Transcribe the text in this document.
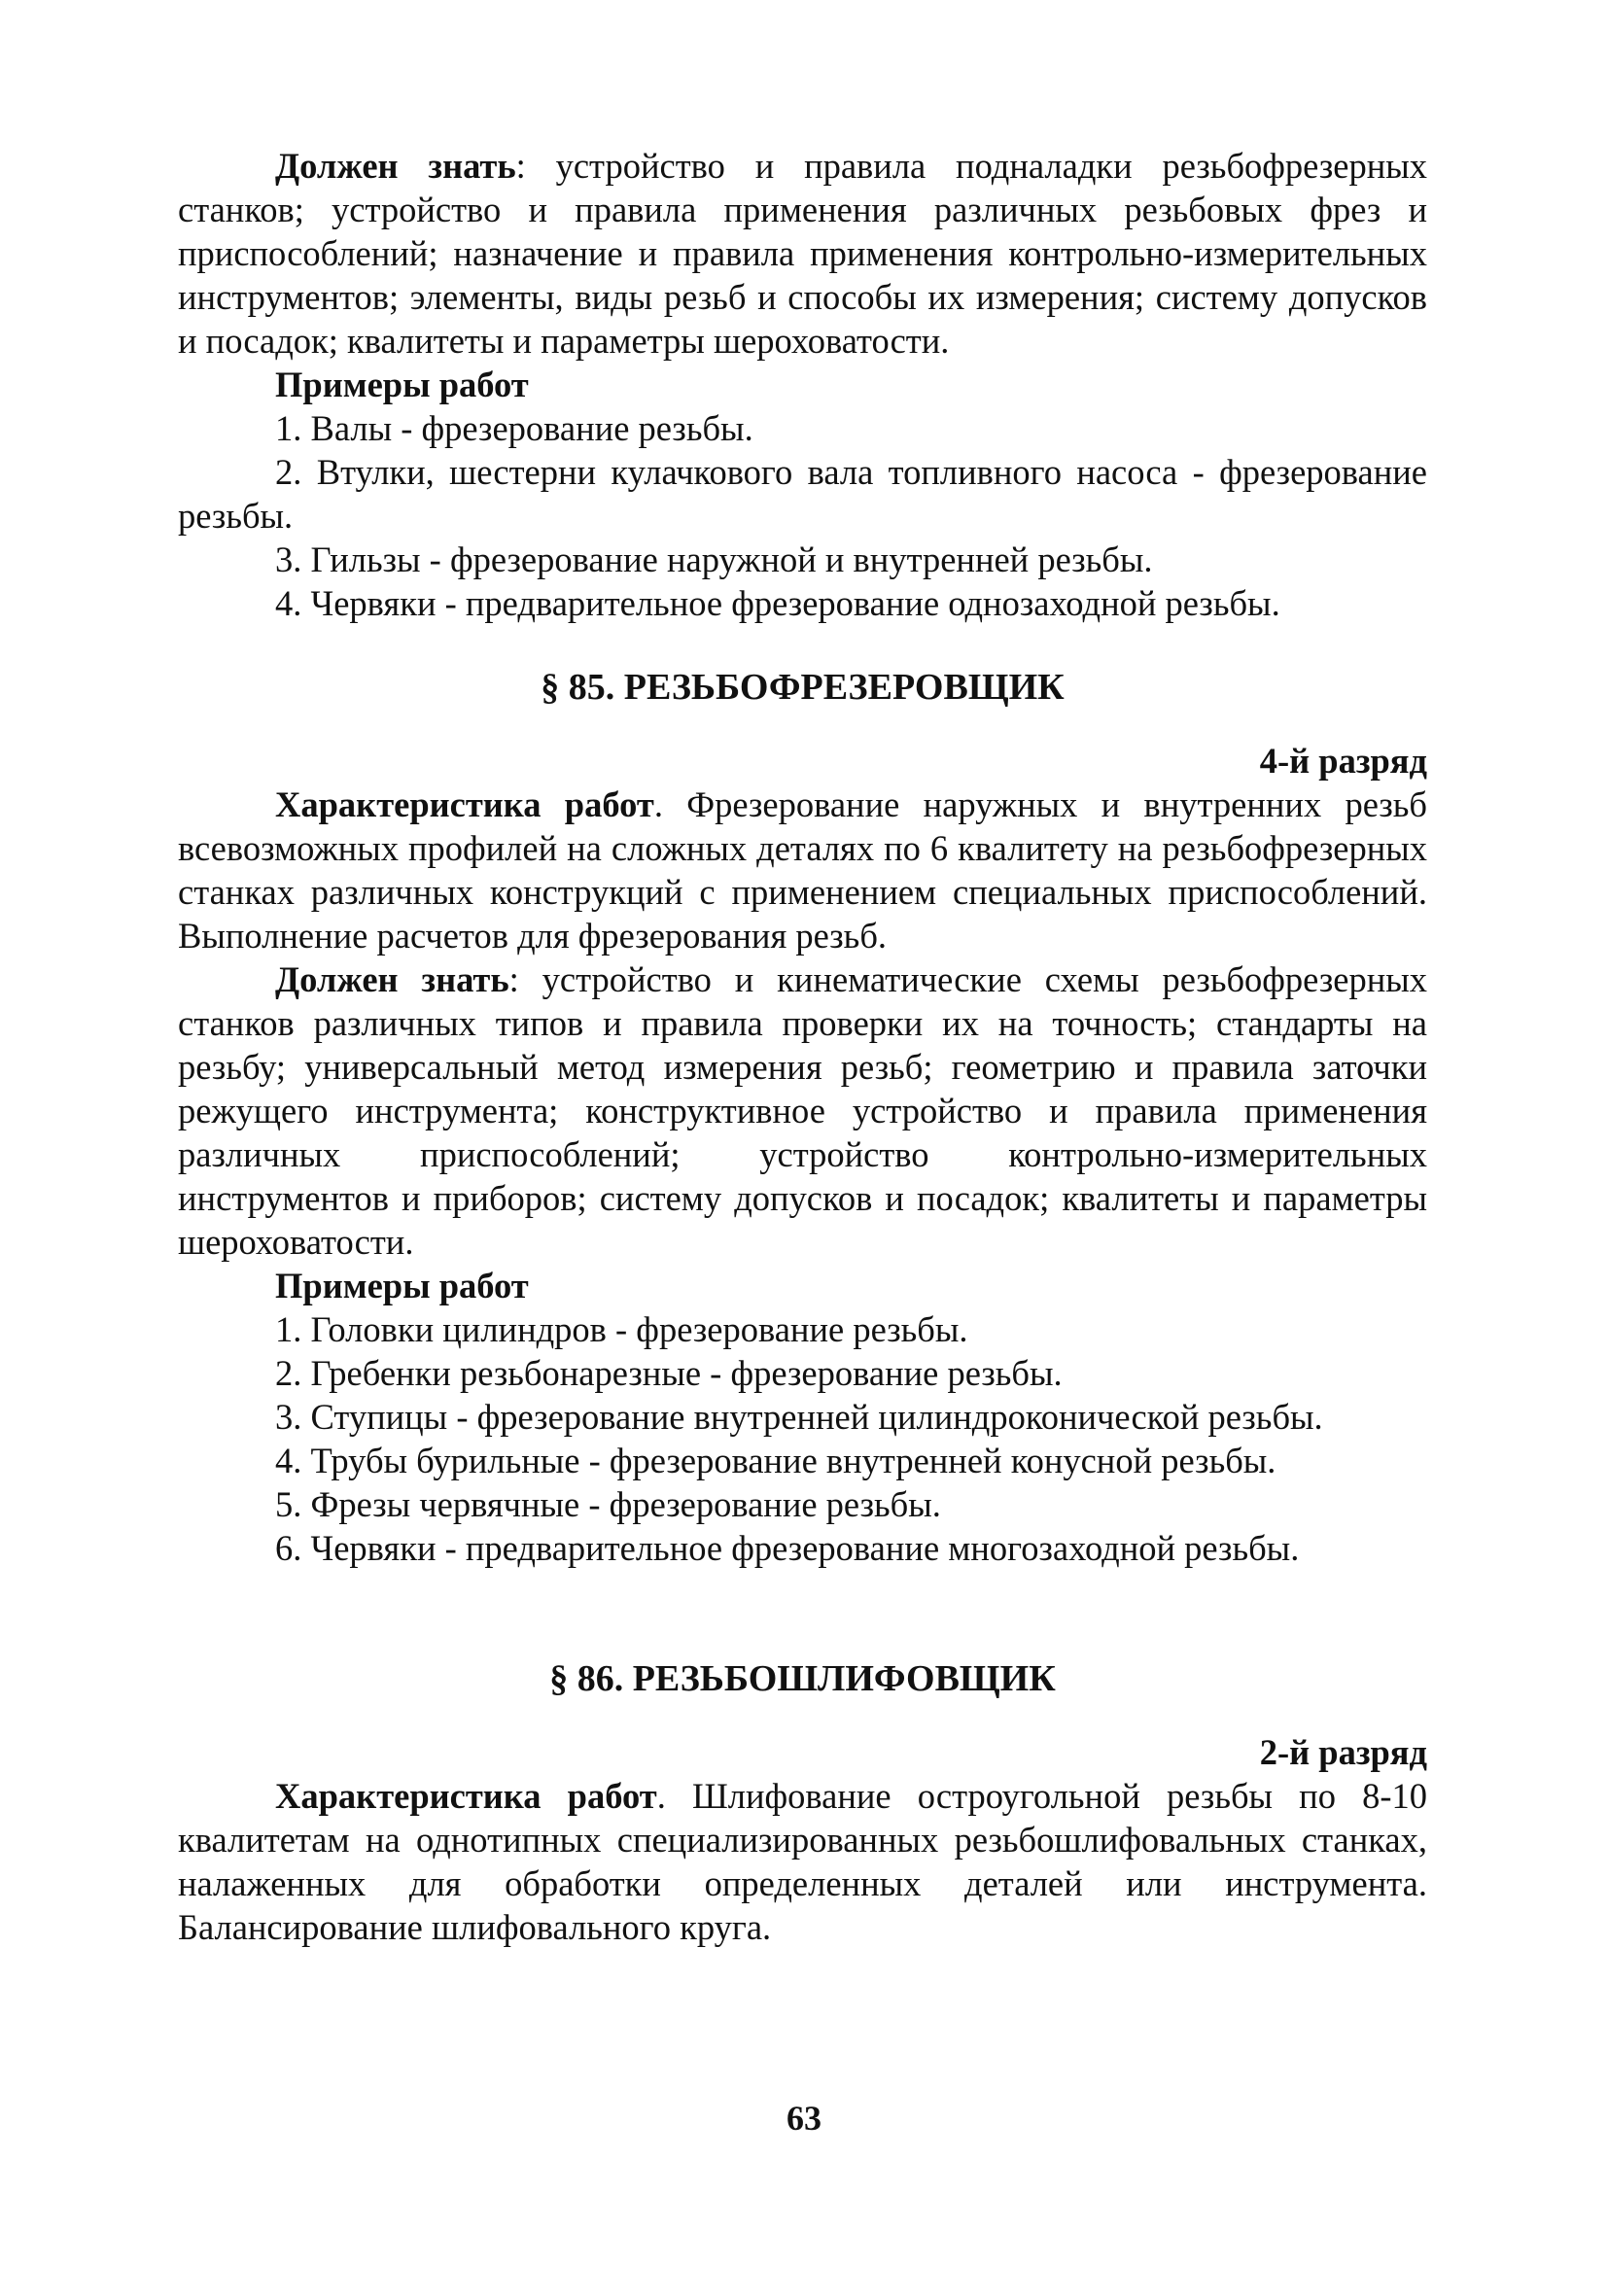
Должен знать: устройство и правила подналадки резьбофрезерных станков; устройство и правила применения различных резьбовых фрез и приспособлений; назначение и правила применения контрольно-измерительных инструментов; элементы, виды резьб и способы их измерения; систему допусков и посадок; квалитеты и параметры шероховатости.

Примеры работ

1. Валы - фрезерование резьбы.

2. Втулки, шестерни кулачкового вала топливного насоса - фрезерование резьбы.

3. Гильзы - фрезерование наружной и внутренней резьбы.

4. Червяки - предварительное фрезерование однозаходной резьбы.

§ 85. РЕЗЬБОФРЕЗЕРОВЩИК

4-й разряд

Характеристика работ. Фрезерование наружных и внутренних резьб всевозможных профилей на сложных деталях по 6 квалитету на резьбофрезерных станках различных конструкций с применением специальных приспособлений. Выполнение расчетов для фрезерования резьб.

Должен знать: устройство и кинематические схемы резьбофрезерных станков различных типов и правила проверки их на точность; стандарты на резьбу; универсальный метод измерения резьб; геометрию и правила заточки режущего инструмента; конструктивное устройство и правила применения различных приспособлений; устройство контрольно-измерительных инструментов и приборов; систему допусков и посадок; квалитеты и параметры шероховатости.

Примеры работ

1. Головки цилиндров - фрезерование резьбы.

2. Гребенки резьбонарезные - фрезерование резьбы.

3. Ступицы - фрезерование внутренней цилиндроконической резьбы.

4. Трубы бурильные - фрезерование внутренней конусной резьбы.

5. Фрезы червячные - фрезерование резьбы.

6. Червяки - предварительное фрезерование многозаходной резьбы.

§ 86. РЕЗЬБОШЛИФОВЩИК

2-й разряд

Характеристика работ. Шлифование остроугольной резьбы по 8-10 квалитетам на однотипных специализированных резьбошлифовальных станках, налаженных для обработки определенных деталей или инструмента. Балансирование шлифовального круга.

63
